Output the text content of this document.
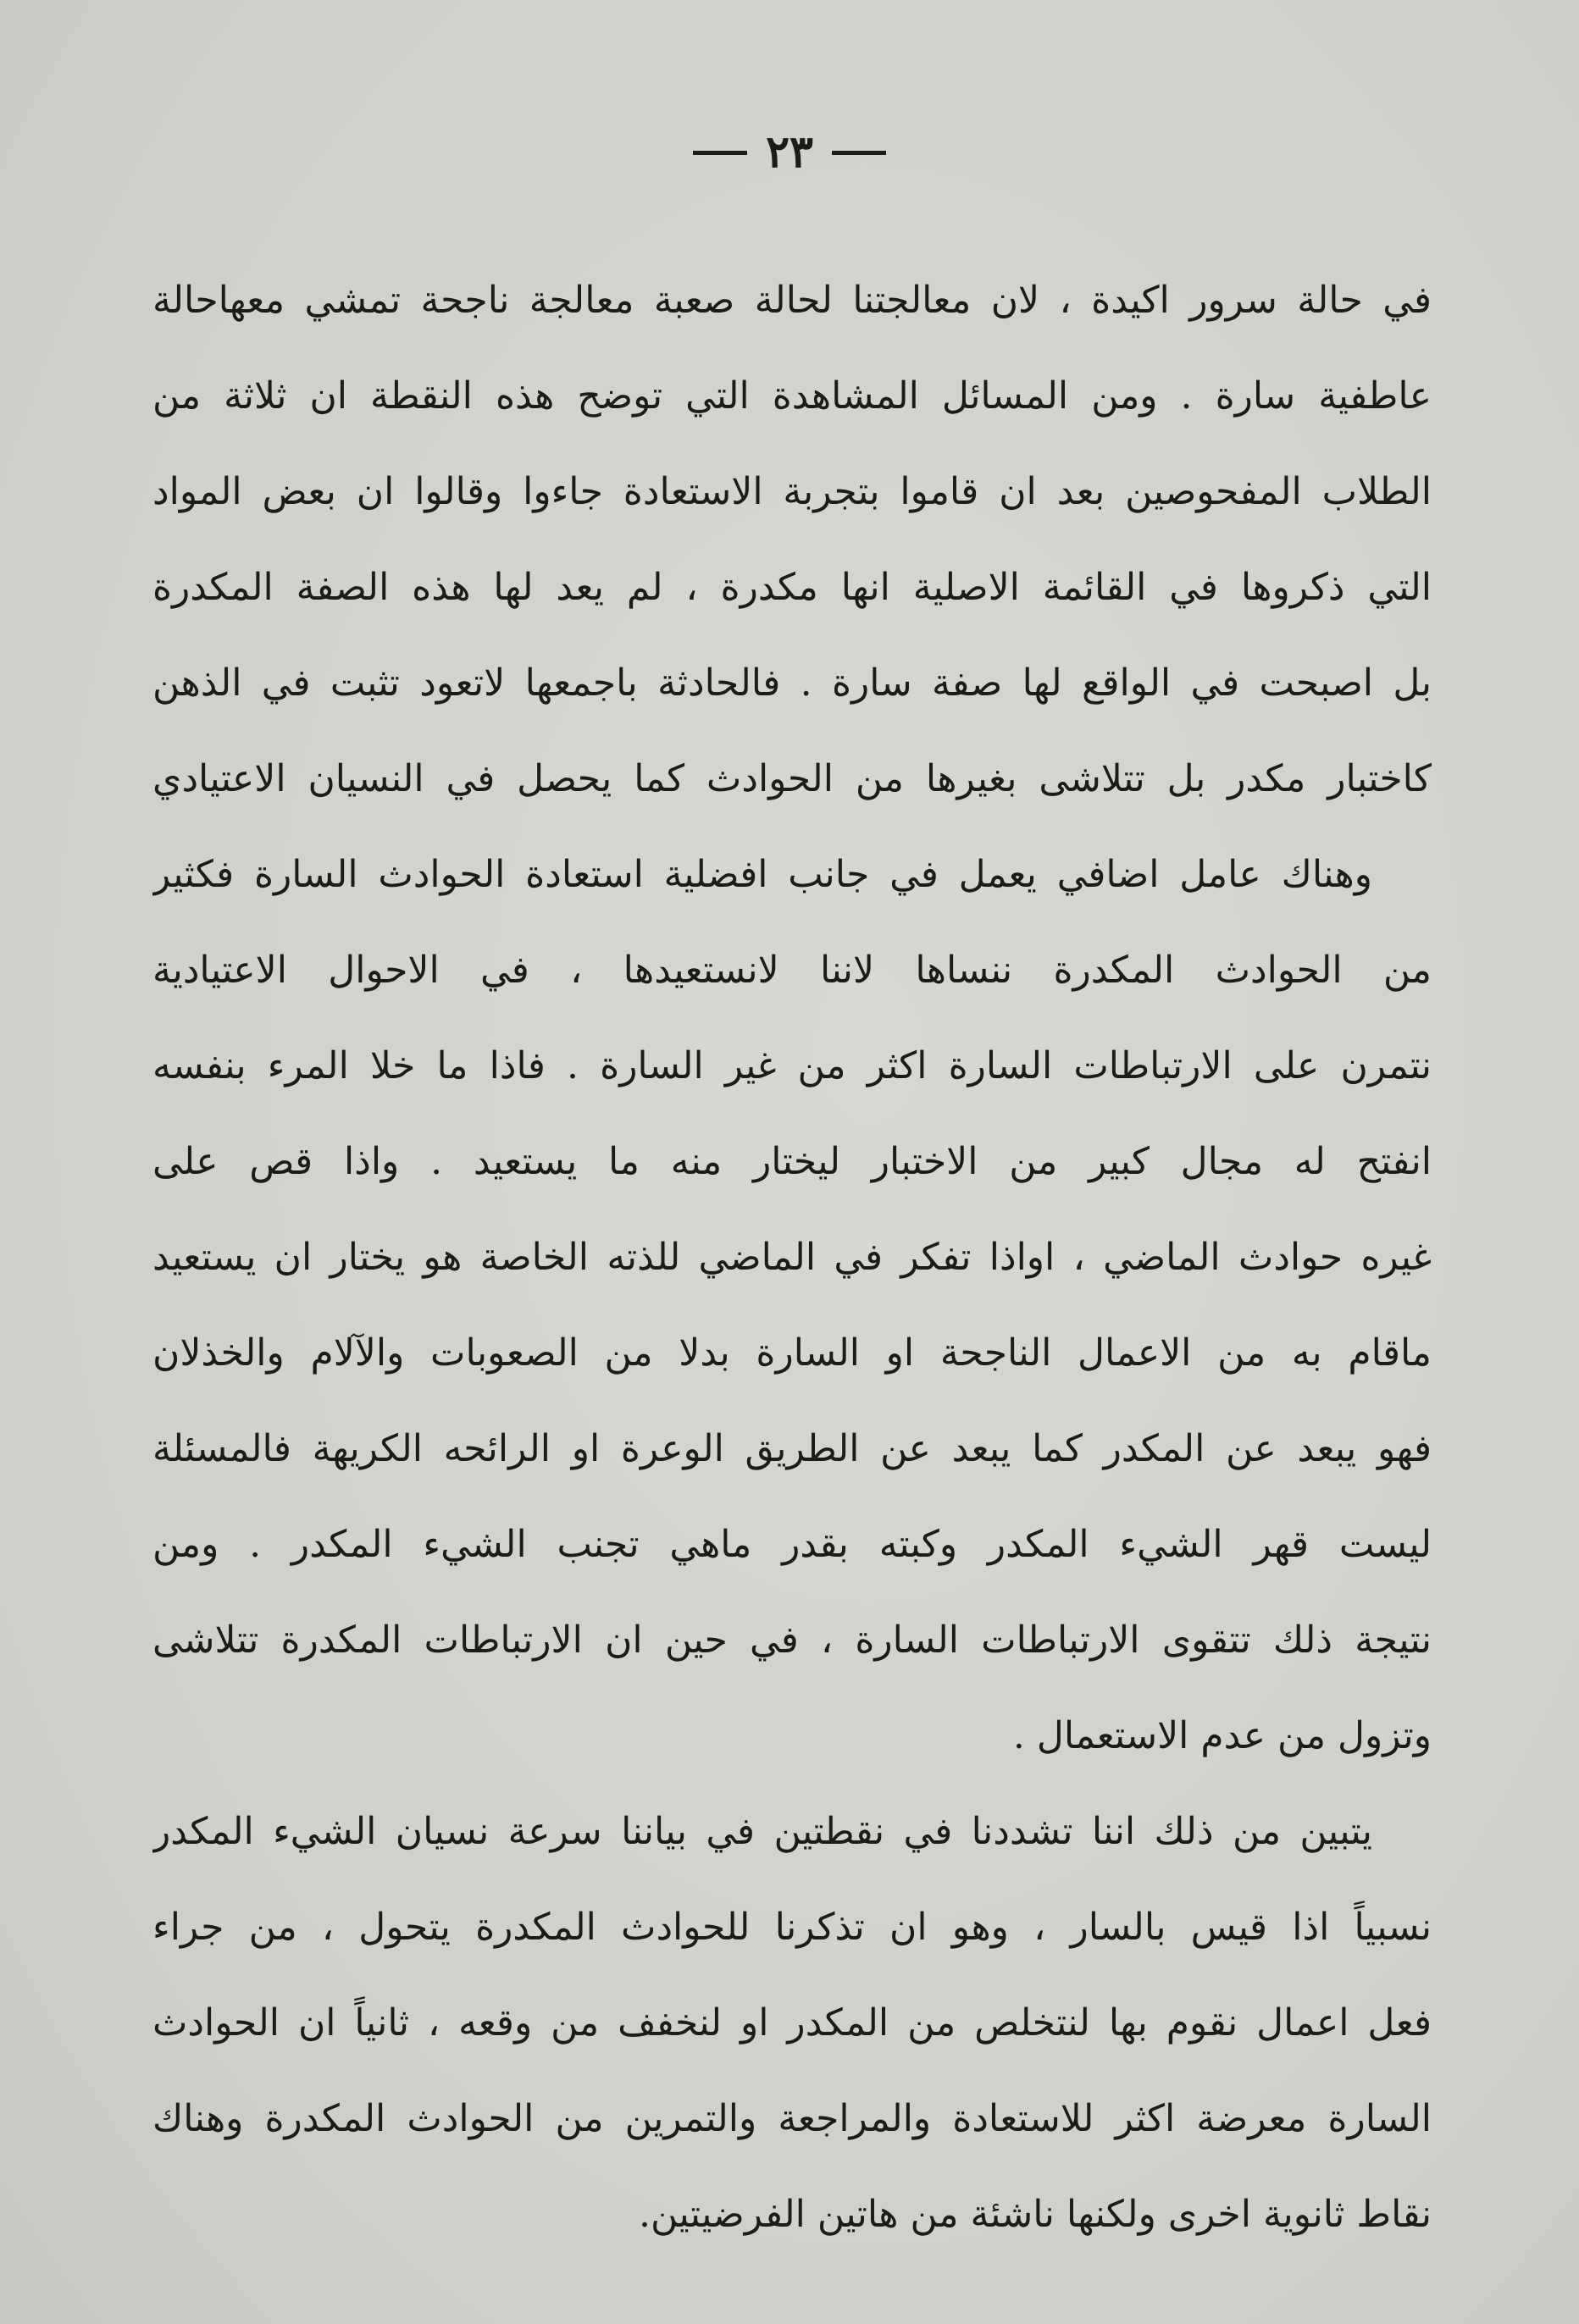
٢٣
في حالة سرور اكيدة ، لان معالجتنا لحالة صعبة معالجة ناجحة تمشي معهاحالة
عاطفية سارة . ومن المسائل المشاهدة التي توضح هذه النقطة ان ثلاثة من
الطلاب المفحوصين بعد ان قاموا بتجربة الاستعادة جاءوا وقالوا ان بعض المواد
التي ذكروها في القائمة الاصلية انها مكدرة ، لم يعد لها هذه الصفة المكدرة
بل اصبحت في الواقع لها صفة سارة . فالحادثة باجمعها لاتعود تثبت في الذهن
كاختبار مكدر بل تتلاشى بغيرها من الحوادث كما يحصل في النسيان الاعتيادي
وهناك عامل اضافي يعمل في جانب افضلية استعادة الحوادث السارة فكثير
من الحوادث المكدرة ننساها لاننا لانستعيدها ، في الاحوال الاعتيادية
نتمرن على الارتباطات السارة اكثر من غير السارة . فاذا ما خلا المرء بنفسه
انفتح له مجال كبير من الاختبار ليختار منه ما يستعيد . واذا قص على
غيره حوادث الماضي ، اواذا تفكر في الماضي للذته الخاصة هو يختار ان يستعيد
ماقام به من الاعمال الناجحة او السارة بدلا من الصعوبات والآلام والخذلان
فهو يبعد عن المكدر كما يبعد عن الطريق الوعرة او الرائحه الكريهة فالمسئلة
ليست قهر الشيء المكدر وكبته بقدر ماهي تجنب الشيء المكدر . ومن
نتيجة ذلك تتقوى الارتباطات السارة ، في حين ان الارتباطات المكدرة تتلاشى
وتزول من عدم الاستعمال .
يتبين من ذلك اننا تشددنا في نقطتين في بياننا سرعة نسيان الشيء المكدر
نسبياً اذا قيس بالسار ، وهو ان تذكرنا للحوادث المكدرة يتحول ، من جراء
فعل اعمال نقوم بها لنتخلص من المكدر او لنخفف من وقعه ، ثانياً ان الحوادث
السارة معرضة اكثر للاستعادة والمراجعة والتمرين من الحوادث المكدرة وهناك
نقاط ثانوية اخرى ولكنها ناشئة من هاتين الفرضيتين.
